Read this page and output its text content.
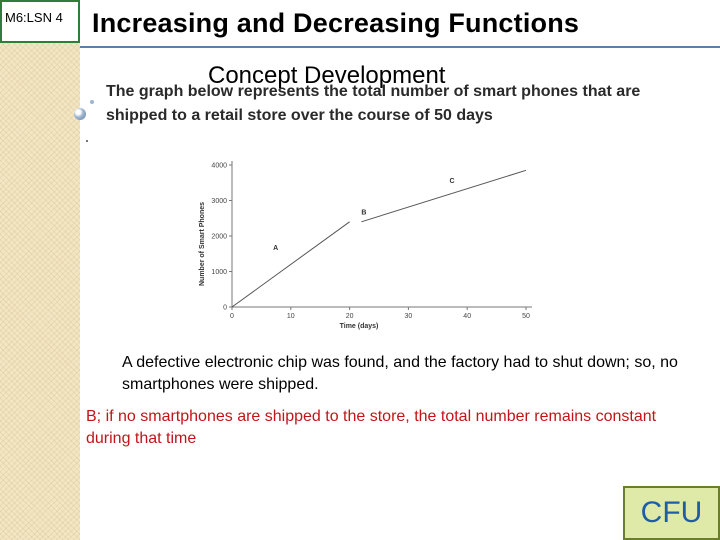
M6:LSN 4	Increasing and Decreasing Functions
The graph below represents the total number of smart phones that are shipped to a retail store over the course of 50 days
Concept Development
0	10	20	30	40	50
0
1000
2000
3000
4000
Time (days)
Number of Smart Phones	A
B
C
A defective electronic chip was found, and the factory had to shut down; so, no smartphones were shipped.
B; if no smartphones are shipped to the store, the total number remains constant during that time
CFU
